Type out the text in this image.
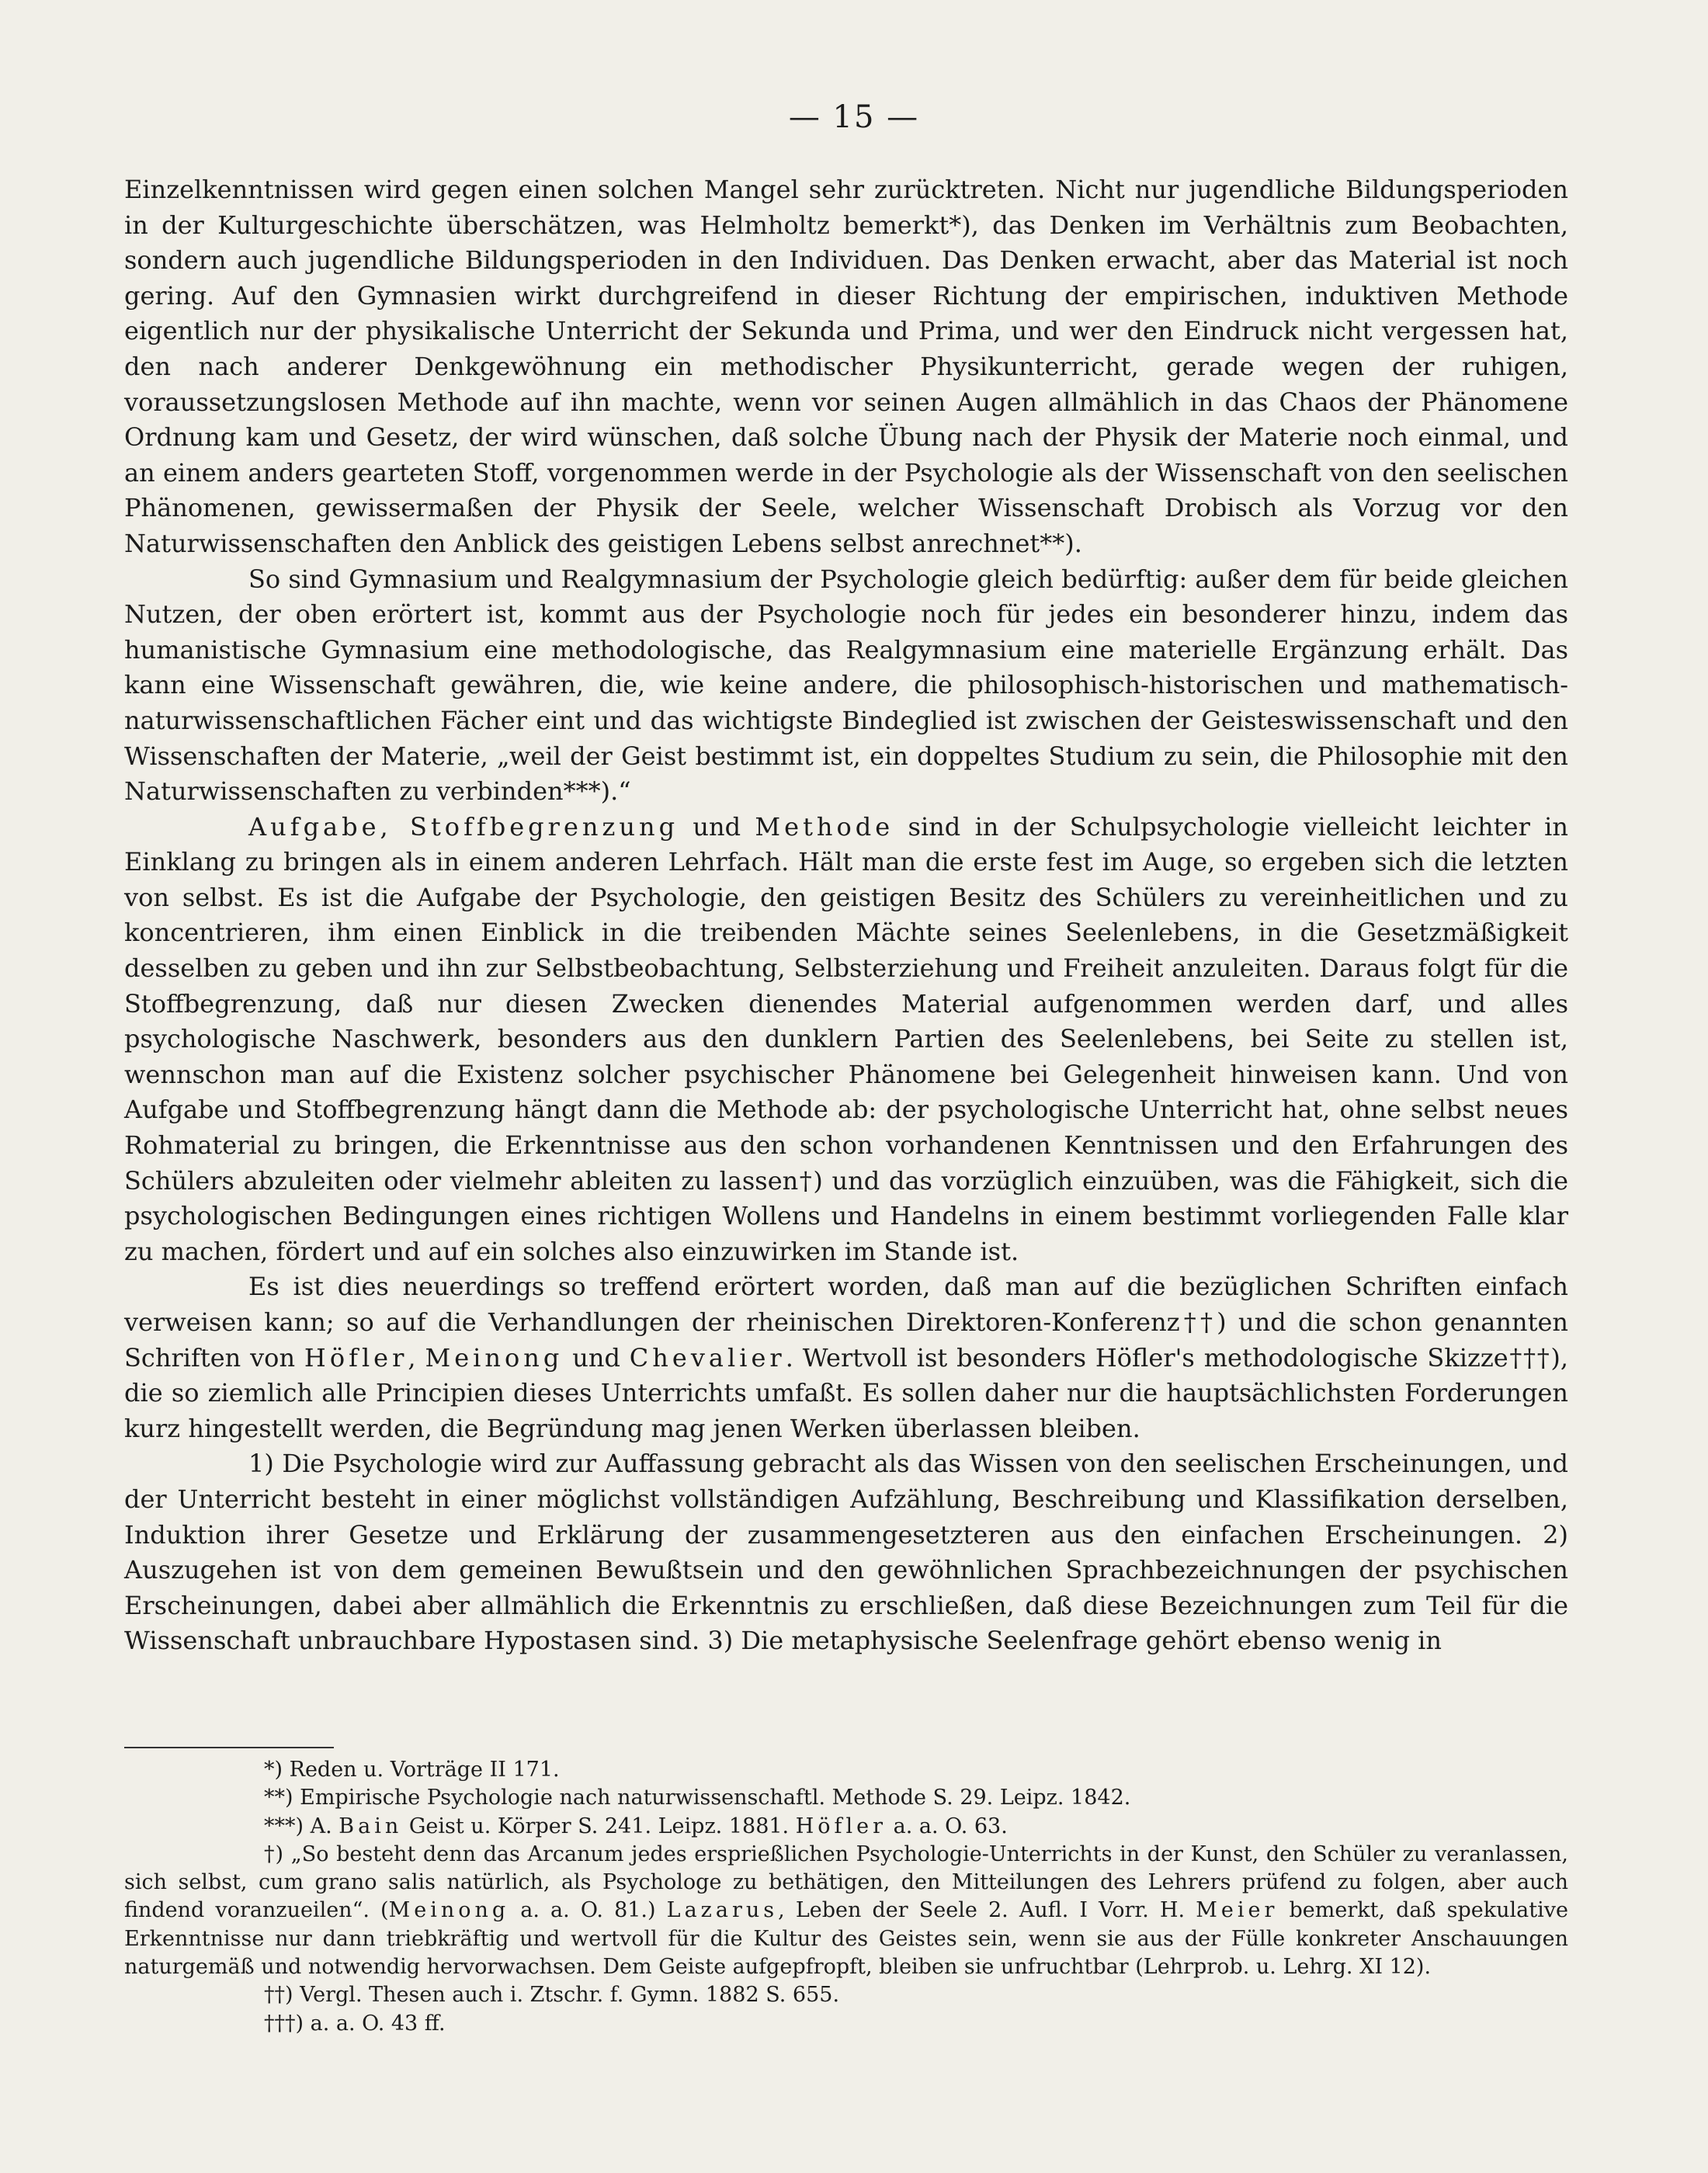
— 15 —

Einzelkenntnissen wird gegen einen solchen Mangel sehr zurücktreten. Nicht nur jugendliche Bildungsperioden in der Kulturgeschichte überschätzen, was Helmholtz bemerkt*), das Denken im Verhältnis zum Beobachten, sondern auch jugendliche Bildungsperioden in den Individuen. Das Denken erwacht, aber das Material ist noch gering. Auf den Gymnasien wirkt durchgreifend in dieser Richtung der empirischen, induktiven Methode eigentlich nur der physikalische Unterricht der Sekunda und Prima, und wer den Eindruck nicht vergessen hat, den nach anderer Denkgewöhnung ein methodischer Physikunterricht, gerade wegen der ruhigen, voraussetzungslosen Methode auf ihn machte, wenn vor seinen Augen allmählich in das Chaos der Phänomene Ordnung kam und Gesetz, der wird wünschen, daß solche Übung nach der Physik der Materie noch einmal, und an einem anders gearteten Stoff, vorgenommen werde in der Psychologie als der Wissenschaft von den seelischen Phänomenen, gewissermaßen der Physik der Seele, welcher Wissenschaft Drobisch als Vorzug vor den Naturwissenschaften den Anblick des geistigen Lebens selbst anrechnet**).

So sind Gymnasium und Realgymnasium der Psychologie gleich bedürftig: außer dem für beide gleichen Nutzen, der oben erörtert ist, kommt aus der Psychologie noch für jedes ein besonderer hinzu, indem das humanistische Gymnasium eine methodologische, das Realgymnasium eine materielle Ergänzung erhält. Das kann eine Wissenschaft gewähren, die, wie keine andere, die philosophisch-historischen und mathematisch-naturwissenschaftlichen Fächer eint und das wichtigste Bindeglied ist zwischen der Geisteswissenschaft und den Wissenschaften der Materie, „weil der Geist bestimmt ist, ein doppeltes Studium zu sein, die Philosophie mit den Naturwissenschaften zu verbinden***).“

Aufgabe, Stoffbegrenzung und Methode sind in der Schulpsychologie vielleicht leichter in Einklang zu bringen als in einem anderen Lehrfach. Hält man die erste fest im Auge, so ergeben sich die letzten von selbst. Es ist die Aufgabe der Psychologie, den geistigen Besitz des Schülers zu vereinheitlichen und zu koncentrieren, ihm einen Einblick in die treibenden Mächte seines Seelenlebens, in die Gesetzmäßigkeit desselben zu geben und ihn zur Selbstbeobachtung, Selbsterziehung und Freiheit anzuleiten. Daraus folgt für die Stoffbegrenzung, daß nur diesen Zwecken dienendes Material aufgenommen werden darf, und alles psychologische Naschwerk, besonders aus den dunklern Partien des Seelenlebens, bei Seite zu stellen ist, wennschon man auf die Existenz solcher psychischer Phänomene bei Gelegenheit hinweisen kann. Und von Aufgabe und Stoffbegrenzung hängt dann die Methode ab: der psychologische Unterricht hat, ohne selbst neues Rohmaterial zu bringen, die Erkenntnisse aus den schon vorhandenen Kenntnissen und den Erfahrungen des Schülers abzuleiten oder vielmehr ableiten zu lassen†) und das vorzüglich einzuüben, was die Fähigkeit, sich die psychologischen Bedingungen eines richtigen Wollens und Handelns in einem bestimmt vorliegenden Falle klar zu machen, fördert und auf ein solches also einzuwirken im Stande ist.

Es ist dies neuerdings so treffend erörtert worden, daß man auf die bezüglichen Schriften einfach verweisen kann; so auf die Verhandlungen der rheinischen Direktoren-Konferenz††) und die schon genannten Schriften von Höfler, Meinong und Chevalier. Wertvoll ist besonders Höfler's methodologische Skizze†††), die so ziemlich alle Principien dieses Unterrichts umfaßt. Es sollen daher nur die hauptsächlichsten Forderungen kurz hingestellt werden, die Begründung mag jenen Werken überlassen bleiben.

1) Die Psychologie wird zur Auffassung gebracht als das Wissen von den seelischen Erscheinungen, und der Unterricht besteht in einer möglichst vollständigen Aufzählung, Beschreibung und Klassifikation derselben, Induktion ihrer Gesetze und Erklärung der zusammengesetzteren aus den einfachen Erscheinungen. 2) Auszugehen ist von dem gemeinen Bewußtsein und den gewöhnlichen Sprachbezeichnungen der psychischen Erscheinungen, dabei aber allmählich die Erkenntnis zu erschließen, daß diese Bezeichnungen zum Teil für die Wissenschaft unbrauchbare Hypostasen sind. 3) Die metaphysische Seelenfrage gehört ebenso wenig in

*) Reden u. Vorträge II 171.

**) Empirische Psychologie nach naturwissenschaftl. Methode S. 29. Leipz. 1842.

***) A. Bain Geist u. Körper S. 241. Leipz. 1881. Höfler a. a. O. 63.

†) „So besteht denn das Arcanum jedes ersprießlichen Psychologie-Unterrichts in der Kunst, den Schüler zu veranlassen, sich selbst, cum grano salis natürlich, als Psychologe zu bethätigen, den Mitteilungen des Lehrers prüfend zu folgen, aber auch findend voranzueilen“. (Meinong a. a. O. 81.) Lazarus, Leben der Seele 2. Aufl. I Vorr. H. Meier bemerkt, daß spekulative Erkenntnisse nur dann triebkräftig und wertvoll für die Kultur des Geistes sein, wenn sie aus der Fülle konkreter Anschauungen naturgemäß und notwendig hervorwachsen. Dem Geiste aufgepfropft, bleiben sie unfruchtbar (Lehrprob. u. Lehrg. XI 12).

††) Vergl. Thesen auch i. Ztschr. f. Gymn. 1882 S. 655.

†††) a. a. O. 43 ff.
